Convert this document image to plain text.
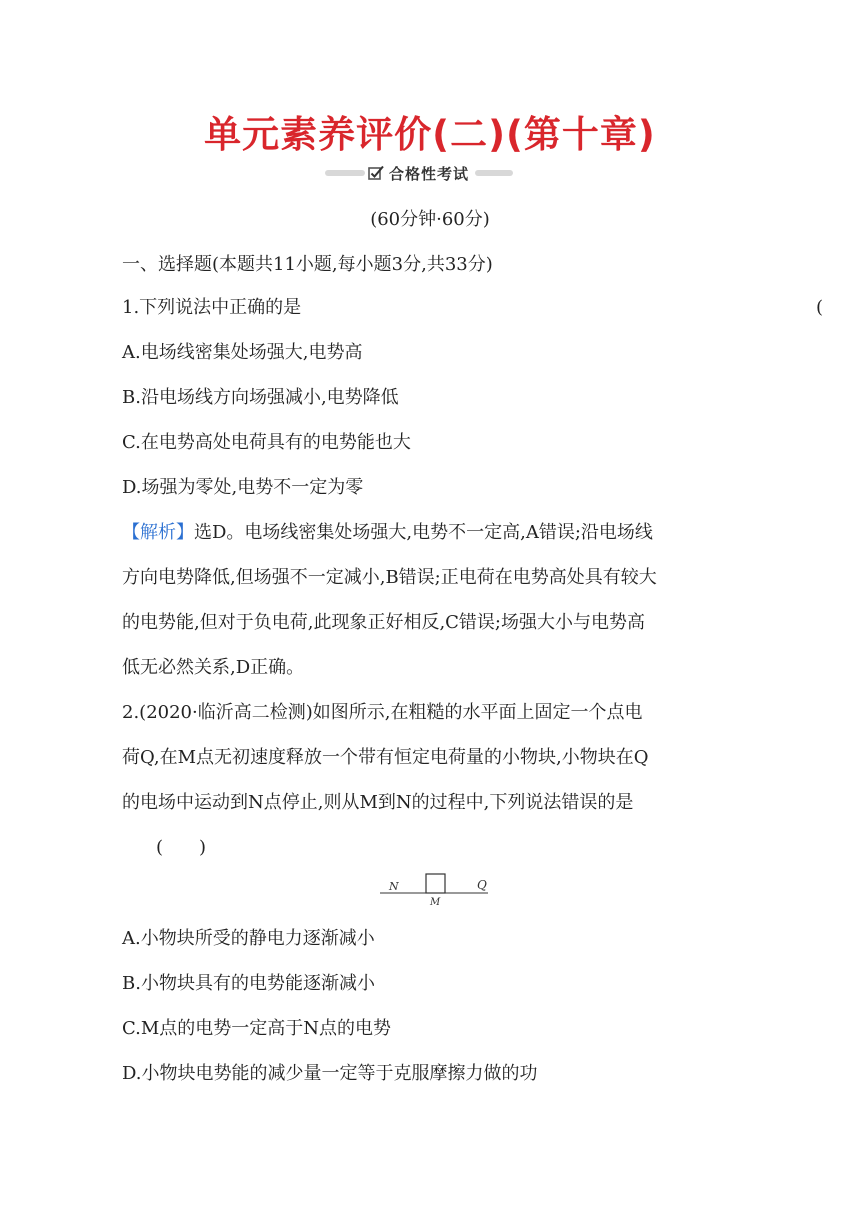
单元素养评价(二)(第十章)
合格性考试
(60分钟·60分)
一、选择题(本题共11小题,每小题3分,共33分)
1.下列说法中正确的是	(
A.电场线密集处场强大,电势高
B.沿电场线方向场强减小,电势降低
C.在电势高处电荷具有的电势能也大
D.场强为零处,电势不一定为零
【解析】选D。电场线密集处场强大,电势不一定高,A错误;沿电场线
方向电势降低,但场强不一定减小,B错误;正电荷在电势高处具有较大
的电势能,但对于负电荷,此现象正好相反,C错误;场强大小与电势高
低无必然关系,D正确。
2.(2020·临沂高二检测)如图所示,在粗糙的水平面上固定一个点电
荷Q,在M点无初速度释放一个带有恒定电荷量的小物块,小物块在Q
的电场中运动到N点停止,则从M到N的过程中,下列说法错误的是
(　　)
N
M
Q
A.小物块所受的静电力逐渐减小
B.小物块具有的电势能逐渐减小
C.M点的电势一定高于N点的电势
D.小物块电势能的减少量一定等于克服摩擦力做的功
